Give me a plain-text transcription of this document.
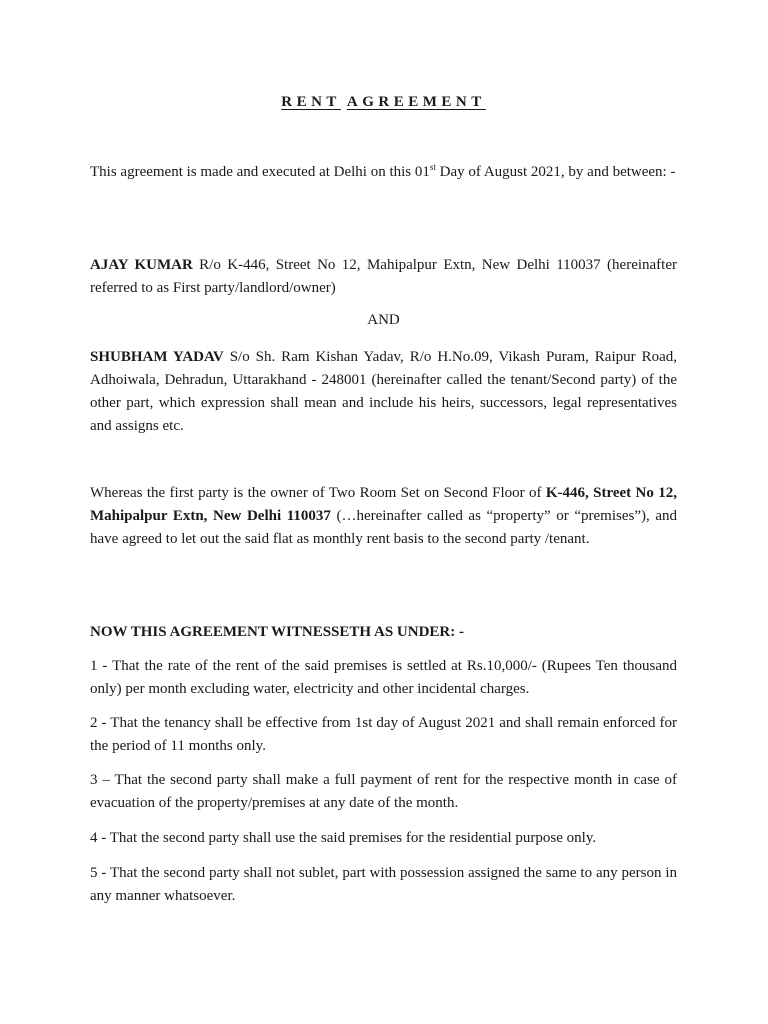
RENT AGREEMENT

This agreement is made and executed at Delhi on this 01st Day of August 2021, by and between: -

AJAY KUMAR R/o K-446, Street No 12, Mahipalpur Extn, New Delhi 110037 (hereinafter referred to as First party/landlord/owner)

AND

SHUBHAM YADAV S/o Sh. Ram Kishan Yadav, R/o H.No.09, Vikash Puram, Raipur Road, Adhoiwala, Dehradun, Uttarakhand - 248001 (hereinafter called the tenant/Second party) of the other part, which expression shall mean and include his heirs, successors, legal representatives and assigns etc.

Whereas the first party is the owner of Two Room Set on Second Floor of K-446, Street No 12, Mahipalpur Extn, New Delhi 110037 (…hereinafter called as “property” or “premises”), and have agreed to let out the said flat as monthly rent basis to the second party /tenant.

NOW THIS AGREEMENT WITNESSETH AS UNDER: -

1 - That the rate of the rent of the said premises is settled at Rs.10,000/- (Rupees Ten thousand only) per month excluding water, electricity and other incidental charges.

2 - That the tenancy shall be effective from 1st day of August 2021 and shall remain enforced for the period of 11 months only.

3 – That the second party shall make a full payment of rent for the respective month in case of evacuation of the property/premises at any date of the month.

4 - That the second party shall use the said premises for the residential purpose only.

5 - That the second party shall not sublet, part with possession assigned the same to any person in any manner whatsoever.
